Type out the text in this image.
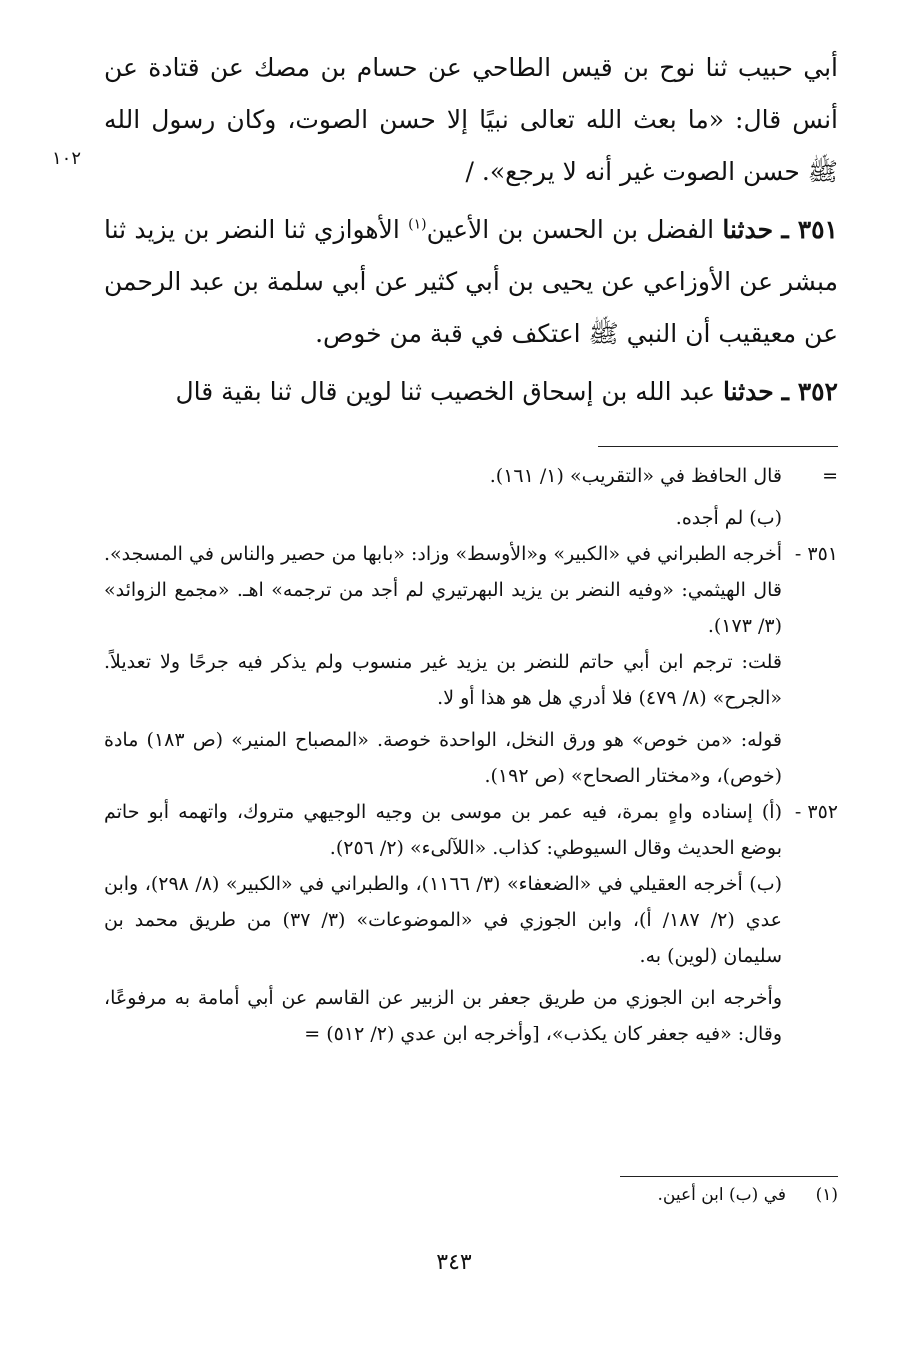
١٠٢

أبي حبيب ثنا نوح بن قيس الطاحي عن حسام بن مصك عن قتادة عن أنس قال: «ما بعث الله تعالى نبيًا إلا حسن الصوت، وكان رسول الله ﷺ حسن الصوت غير أنه لا يرجع». /

٣٥١ ـ حدثنا الفضل بن الحسن بن الأعين$^{(١)}$ الأهوازي ثنا النضر بن يزيد ثنا مبشر عن الأوزاعي عن يحيى بن أبي كثير عن أبي سلمة بن عبد الرحمن عن معيقيب أن النبي ﷺ اعتكف في قبة من خوص.

٣٥٢ ـ حدثنا عبد الله بن إسحاق الخصيب ثنا لوين قال ثنا بقية قال

=قال الحافظ في «التقريب» (١/ ١٦١).

(ب) لم أجده.

٣٥١ -

أخرجه الطبراني في «الكبير» و«الأوسط» وزاد: «بابها من حصير والناس في المسجد». قال الهيثمي: «وفيه النضر بن يزيد البهرتيري لم أجد من ترجمه» اهـ. «مجمع الزوائد» (٣/ ١٧٣).

قلت: ترجم ابن أبي حاتم للنضر بن يزيد غير منسوب ولم يذكر فيه جرحًا ولا تعديلاً. «الجرح» (٨/ ٤٧٩) فلا أدري هل هو هذا أو لا.

قوله: «من خوص» هو ورق النخل، الواحدة خوصة. «المصباح المنير» (ص ١٨٣) مادة (خوص)، و«مختار الصحاح» (ص ١٩٢).

٣٥٢ -

(أ) إسناده واهٍ بمرة، فيه عمر بن موسى بن وجيه الوجيهي متروك، واتهمه أبو حاتم بوضع الحديث وقال السيوطي: كذاب. «اللآلىء» (٢/ ٢٥٦).

(ب) أخرجه العقيلي في «الضعفاء» (٣/ ١١٦٦)، والطبراني في «الكبير» (٨/ ٢٩٨)، وابن عدي (٢/ ١٨٧/ أ)، وابن الجوزي في «الموضوعات» (٣/ ٣٧) من طريق محمد بن سليمان (لوين) به.

وأخرجه ابن الجوزي من طريق جعفر بن الزبير عن القاسم عن أبي أمامة به مرفوعًا، وقال: «فيه جعفر كان يكذب»، [وأخرجه ابن عدي (٢/ ٥١٢) =

(١)
في (ب) ابن أعين.
٣٤٣
